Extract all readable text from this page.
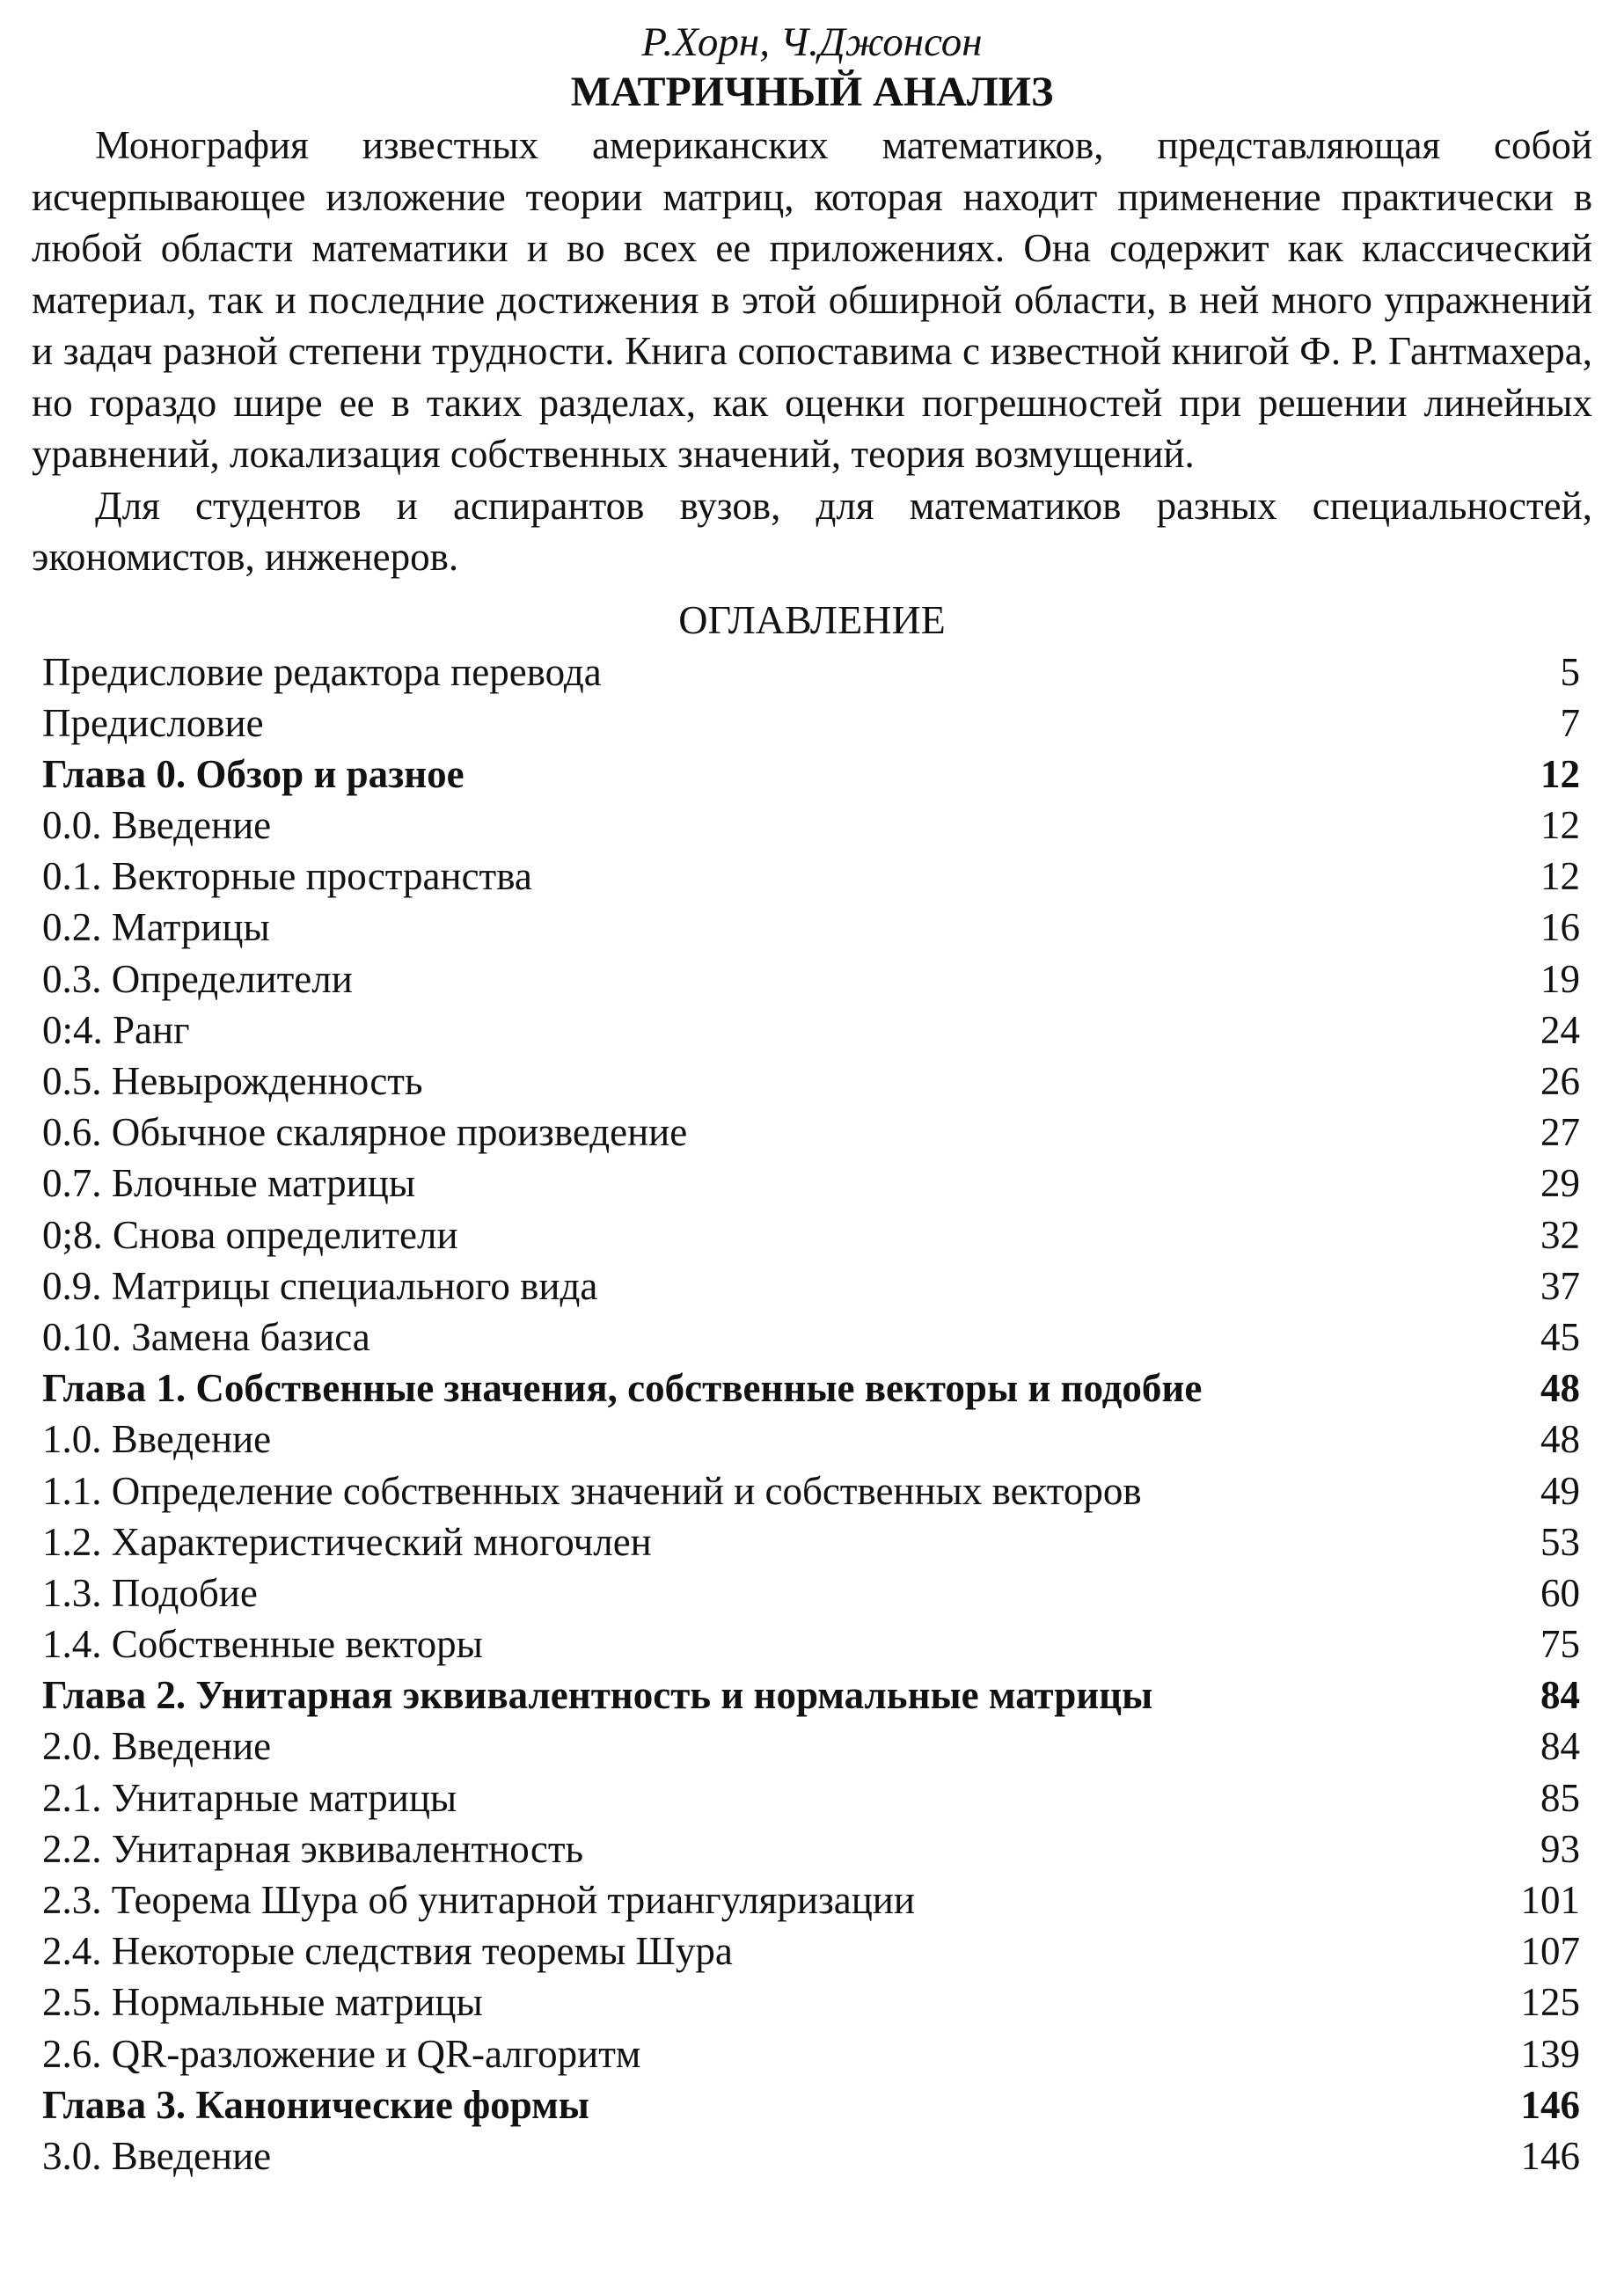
Р.Хорн, Ч.Джонсон

МАТРИЧНЫЙ АНАЛИЗ

Монография известных американских математиков, представляющая собой исчерпывающее изложение теории матриц, которая находит применение практически в любой области математики и во всех ее приложениях. Она содержит как классический материал, так и последние достижения в этой обширной области, в ней много упражнений и задач разной степени трудности. Книга сопоставима с известной книгой Ф. Р. Гантмахера, но гораздо шире ее в таких разделах, как оценки погрешностей при решении линейных уравнений, локализация собственных значений, теория возмущений.

Для студентов и аспирантов вузов, для математиков разных специальностей, экономистов, инженеров.

ОГЛАВЛЕНИЕ
Предисловие редактора перевода	5
Предисловие	7
Глава 0. Обзор и разное	12
0.0. Введение	12
0.1. Векторные пространства	12
0.2. Матрицы	16
0.3. Определители	19
0:4. Ранг	24
0.5. Невырожденность	26
0.6. Обычное скалярное произведение	27
0.7. Блочные матрицы	29
0;8. Снова определители	32
0.9. Матрицы специального вида	37
0.10. Замена базиса	45
Глава 1. Собственные значения, собственные векторы и подобие	48
1.0. Введение	48
1.1. Определение собственных значений и собственных векторов	49
1.2. Характеристический многочлен	53
1.3. Подобие	60
1.4. Собственные векторы	75
Глава 2. Унитарная эквивалентность и нормальные матрицы	84
2.0. Введение	84
2.1. Унитарные матрицы	85
2.2. Унитарная эквивалентность	93
2.3. Теорема Шура об унитарной триангуляризации	101
2.4. Некоторые следствия теоремы Шура	107
2.5. Нормальные матрицы	125
2.6. QR-разложение и QR-алгоритм	139
Глава 3. Канонические формы	146
3.0. Введение	146
